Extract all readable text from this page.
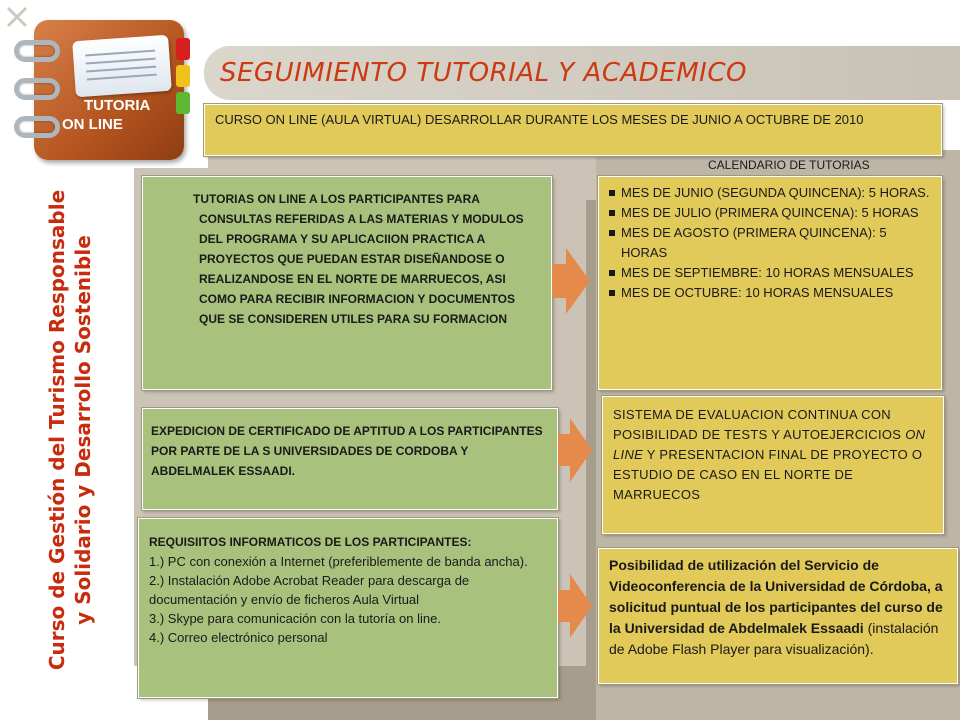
TUTORIA
ON LINE
SEGUIMIENTO TUTORIAL Y ACADEMICO
Curso de Gestión del Turismo Responsable y Solidario y Desarrollo Sostenible
CURSO ON LINE (AULA VIRTUAL) DESARROLLAR DURANTE LOS MESES DE JUNIO A OCTUBRE DE 2010
CALENDARIO DE TUTORIAS
TUTORIAS ON LINE A LOS PARTICIPANTES PARA CONSULTAS REFERIDAS A LAS MATERIAS Y MODULOS DEL PROGRAMA Y SU APLICACIION PRACTICA A PROYECTOS QUE PUEDAN ESTAR DISEÑANDOSE O REALIZANDOSE EN EL NORTE DE MARRUECOS, ASI COMO PARA RECIBIR INFORMACION Y DOCUMENTOS QUE SE CONSIDEREN UTILES PARA SU FORMACION
MES DE JUNIO (SEGUNDA QUINCENA): 5 HORAS.
MES DE JULIO (PRIMERA QUINCENA): 5 HORAS
MES DE AGOSTO (PRIMERA QUINCENA): 5 HORAS
MES DE SEPTIEMBRE: 10 HORAS MENSUALES
MES DE OCTUBRE: 10 HORAS MENSUALES
EXPEDICION DE CERTIFICADO DE APTITUD A LOS PARTICIPANTES POR PARTE DE LA S UNIVERSIDADES DE CORDOBA Y ABDELMALEK ESSAADI.
SISTEMA DE EVALUACION CONTINUA CON POSIBILIDAD DE TESTS Y AUTOEJERCICIOS ON LINE Y PRESENTACION FINAL DE PROYECTO O ESTUDIO DE CASO EN EL NORTE DE MARRUECOS
REQUISIITOS INFORMATICOS DE LOS PARTICIPANTES:
1.) PC con conexión a Internet (preferiblemente de banda ancha).
2.) Instalación Adobe Acrobat Reader para descarga de documentación y envío de ficheros Aula Virtual
3.) Skype para comunicación con la tutoría on line.
4.) Correo electrónico personal
Posibilidad de utilización del Servicio de Videoconferencia de la Universidad de Córdoba, a solicitud puntual de los participantes del curso de la Universidad de Abdelmalek Essaadi (instalación de Adobe Flash Player para visualización).
